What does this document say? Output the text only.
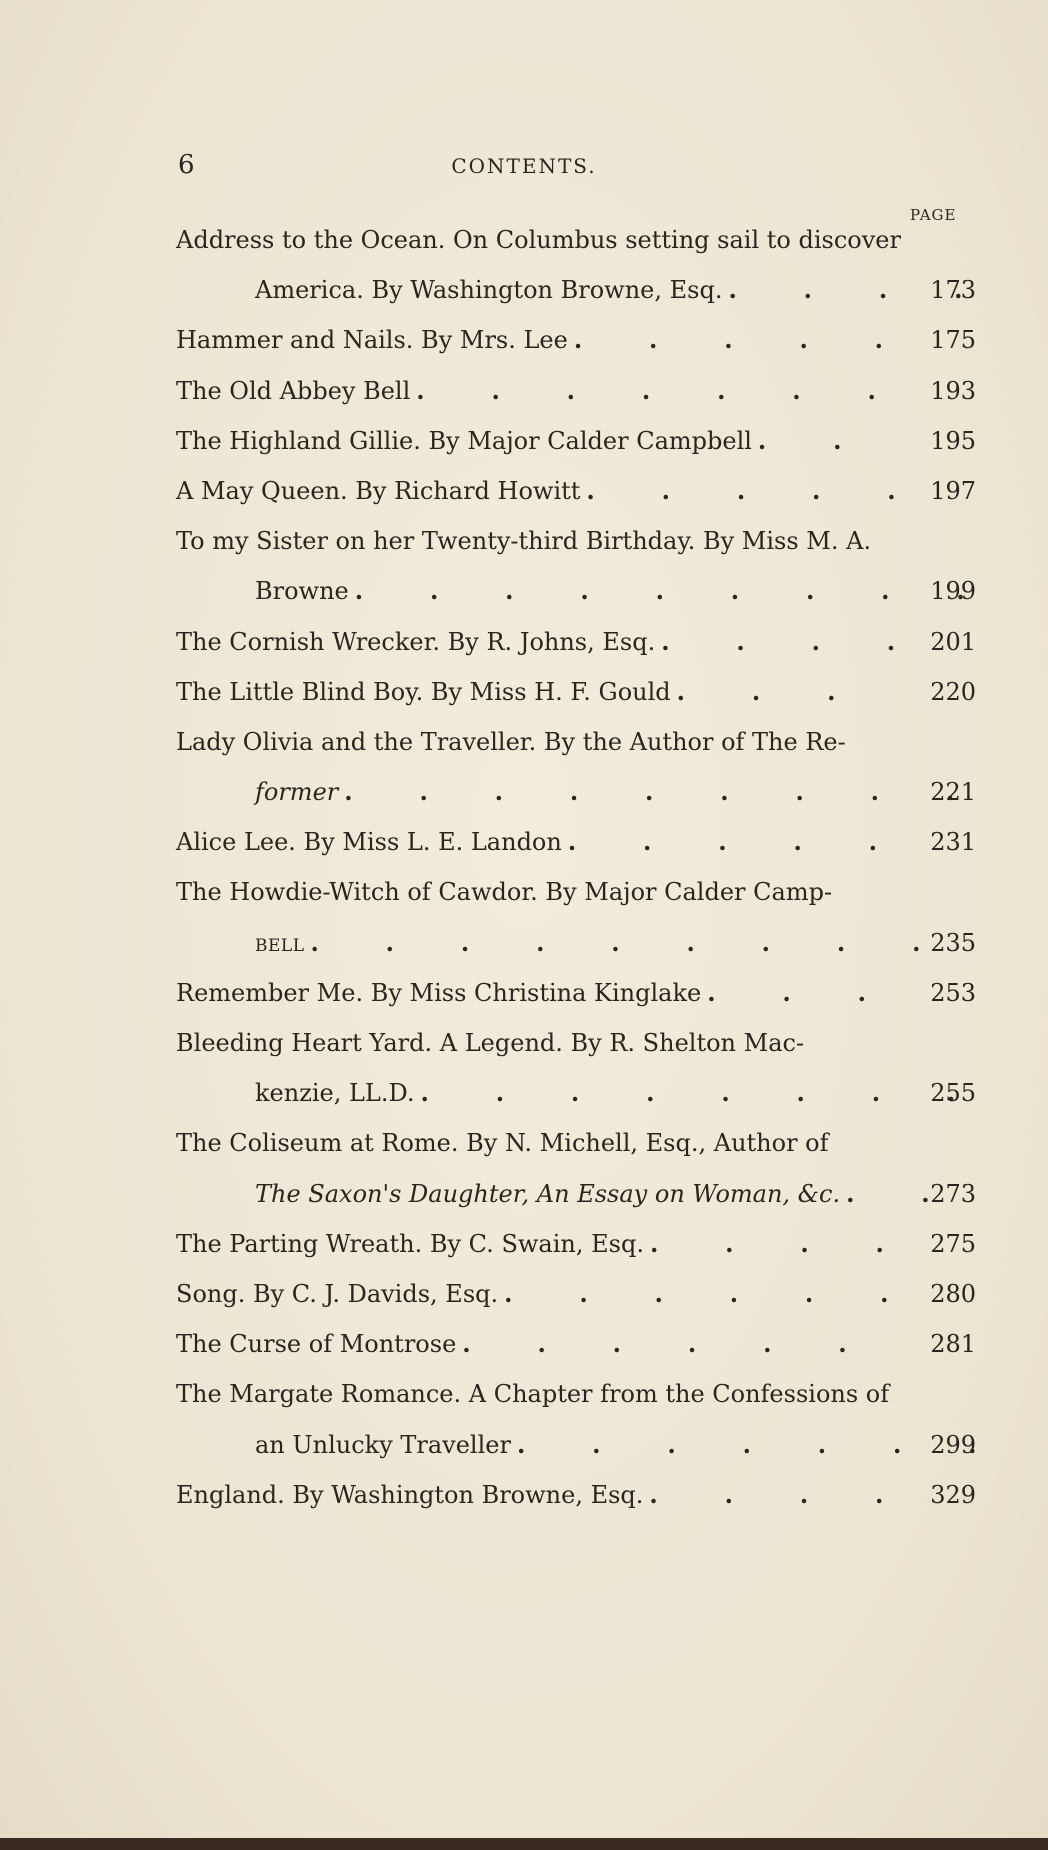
6	CONTENTS.
PAGE
Address to the Ocean. On Columbus setting sail to discover
America. By Washington Browne, Esq. .	173
Hammer and Nails. By Mrs. Lee .	175
The Old Abbey Bell .	193
The Highland Gillie. By Major Calder Campbell .	195
A May Queen. By Richard Howitt .	197
To my Sister on her Twenty-third Birthday. By Miss M. A.
Browne .	199
The Cornish Wrecker. By R. Johns, Esq. .	201
The Little Blind Boy. By Miss H. F. Gould .	220
Lady Olivia and the Traveller. By the Author of The Re-
former .	221
Alice Lee. By Miss L. E. Landon .	231
The Howdie-Witch of Cawdor. By Major Calder Camp-
bell .	235
Remember Me. By Miss Christina Kinglake .	253
Bleeding Heart Yard. A Legend. By R. Shelton Mac-
kenzie, LL.D. .	255
The Coliseum at Rome. By N. Michell, Esq., Author of
The Saxon's Daughter, An Essay on Woman, &c. .	273
The Parting Wreath. By C. Swain, Esq. .	275
Song. By C. J. Davids, Esq. .	280
The Curse of Montrose .	281
The Margate Romance. A Chapter from the Confessions of
an Unlucky Traveller .	299
England. By Washington Browne, Esq. .	329
